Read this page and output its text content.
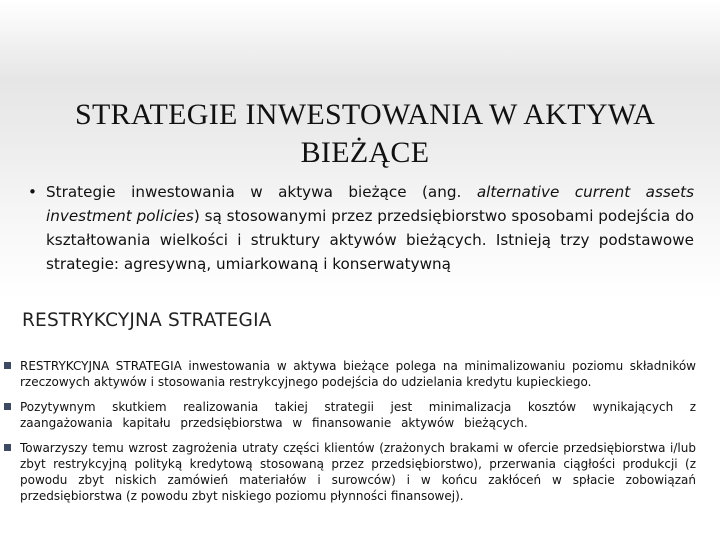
STRATEGIE INWESTOWANIA W AKTYWA
BIEŻĄCE
• Strategie inwestowania w aktywa bieżące (ang. alternative current assets investment policies) są stosowanymi przez przedsiębiorstwo sposobami podejścia do kształtowania wielkości i struktury aktywów bieżących. Istnieją trzy podstawowe strategie: agresywną, umiarkowaną i konserwatywną
RESTRYKCYJNA STRATEGIA
RESTRYKCYJNA STRATEGIA inwestowania w aktywa bieżące polega na minimalizowaniu poziomu składników rzeczowych aktywów i stosowania restrykcyjnego podejścia do udzielania kredytu kupieckiego.
Pozytywnym skutkiem realizowania takiej strategii jest minimalizacja kosztów wynikających z zaangażowania kapitału przedsiębiorstwa w finansowanie aktywów bieżących.
Towarzyszy temu wzrost zagrożenia utraty części klientów (zrażonych brakami w ofercie przedsiębiorstwa i/lub zbyt restrykcyjną polityką kredytową stosowaną przez przedsiębiorstwo), przerwania ciągłości produkcji (z powodu zbyt niskich zamówień materiałów i surowców) i w końcu zakłóceń w spłacie zobowiązań przedsiębiorstwa (z powodu zbyt niskiego poziomu płynności finansowej).
